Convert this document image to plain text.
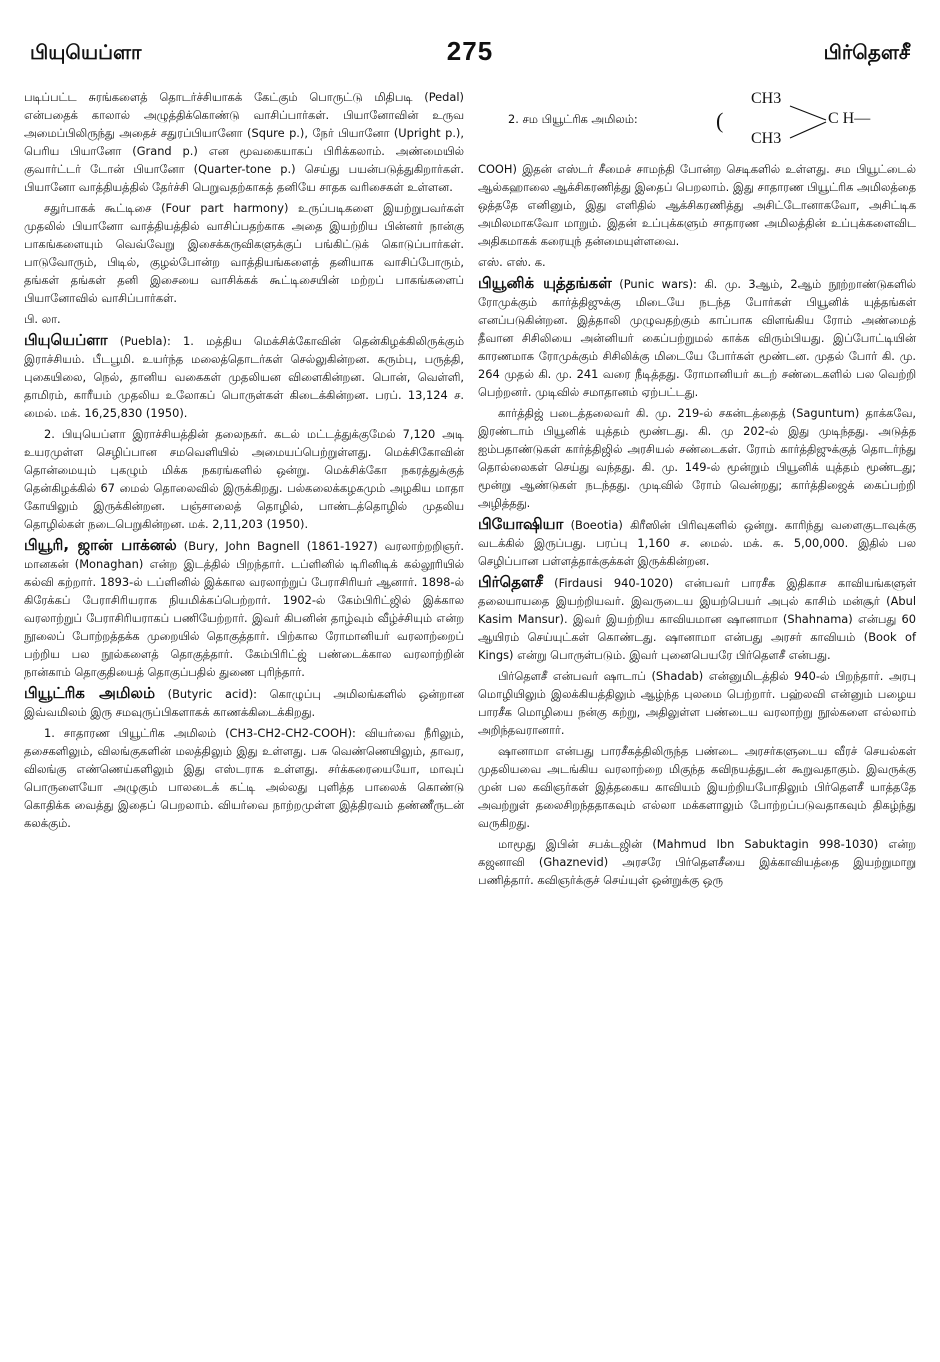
பியுயெப்ளா	275	பிர்தௌசீ

படிப்பட்ட சுரங்களைத் தொடர்ச்சியாகக் கேட்கும் பொருட்டு மிதிபடி (Pedal) என்பதைக் காலால் அழுத்திக்கொண்டு வாசிப்பார்கள். பியானோவின் உருவ அமைப்பிலிருந்து அதைச் சதுரப்பியானோ (Squre p.), நேர் பியானோ (Upright p.), பெரிய பியானோ (Grand p.) என மூவகையாகப் பிரிக்கலாம். அண்மையில் குவார்ட்டர் டோன் பியானோ (Quarter-tone p.) செய்து பயன்படுத்துகிறார்கள். பியானோ வாத்தியத்தில் தேர்ச்சி பெறுவதற்காகத் தனியே சாதக வரிசைகள் உள்ளன.

சதுர்பாகக் கூட்டிசை (Four part harmony) உருப்படிகளை இயற்றுபவர்கள் முதலில் பியானோ வாத்தியத்தில் வாசிப்பதற்காக அதை இயற்றிய பின்னர் நான்கு பாகங்களையும் வெவ்வேறு இசைக்கருவிகளுக்குப் பங்கிட்டுக் கொடுப்பார்கள். பாடுவோரும், பிடில், குழல்போன்ற வாத்தியங்களைத் தனியாக வாசிப்போரும், தங்கள் தங்கள் தனி இசையை வாசிக்கக் கூட்டிசையின் மற்றப் பாகங்களைப் பியானோவில் வாசிப்பார்கள்.

பி. லா.

பியுயெப்ளா (Puebla): 1. மத்திய மெக்சிக்கோவின் தென்கிழக்கிலிருக்கும் இராச்சியம். பீடபூமி. உயர்ந்த மலைத்தொடர்கள் செல்லுகின்றன. கரும்பு, பருத்தி, புகையிலை, நெல், தானிய வகைகள் முதலியன விளைகின்றன. பொன், வெள்ளி, தாமிரம், காரீயம் முதலிய உலோகப் பொருள்கள் கிடைக்கின்றன. பரப். 13,124 ச. மைல். மக். 16,25,830 (1950).

2. பியுயெப்ளா இராச்சியத்தின் தலைநகர். கடல் மட்டத்துக்குமேல் 7,120 அடி உயரமுள்ள செழிப்பான சமவெளியில் அமையப்பெற்றுள்ளது. மெக்சிகோவின் தொன்மையும் புகழும் மிக்க நகரங்களில் ஒன்று. மெக்சிக்கோ நகரத்துக்குத் தென்கிழக்கில் 67 மைல் தொலைவில் இருக்கிறது. பல்கலைக்கழகமும் அழகிய மாதா கோயிலும் இருக்கின்றன. பஞ்சாலைத் தொழில், பாண்டத்தொழில் முதலிய தொழில்கள் நடைபெறுகின்றன. மக். 2,11,203 (1950).

பியூரி, ஜான் பாக்னல் (Bury, John Bagnell (1861-1927) வரலாற்றறிஞர். மானகன் (Monaghan) என்ற இடத்தில் பிறந்தார். டப்ளினில் டிரினிடிக் கல்லூரியில் கல்வி கற்றார். 1893-ல் டப்ளினில் இக்கால வரலாற்றுப் பேராசிரியர் ஆனார். 1898-ல் கிரேக்கப் பேராசிரியராக நியமிக்கப்பெற்றார். 1902-ல் கேம்பிரிட்ஜில் இக்கால வரலாற்றுப் பேராசிரியராகப் பணியேற்றார். இவர் கிபனின் தாழ்வும் வீழ்ச்சியும் என்ற நூலைப் போற்றத்தக்க முறையில் தொகுத்தார். பிற்கால ரோமானியர் வரலாற்றைப் பற்றிய பல நூல்களைத் தொகுத்தார். கேம்பிரிட்ஜ் பண்டைக்கால வரலாற்றின் நான்காம் தொகுதியைத் தொகுப்பதில் துணை புரிந்தார்.

பியூட்ரிக அமிலம் (Butyric acid): கொழுப்பு அமிலங்களில் ஒன்றான இவ்வமிலம் இரு சமவுருப்பிகளாகக் காணக்கிடைக்கிறது.

1. சாதாரண பியூட்ரிக அமிலம் (CH3-CH2-CH2-COOH): வியர்வை நீரிலும், தசைகளிலும், விலங்குகளின் மலத்திலும் இது உள்ளது. பசு வெண்ணெயிலும், தாவர, விலங்கு எண்ணெய்களிலும் இது எஸ்டராக உள்ளது. சர்க்கரையையோ, மாவுப் பொருளையோ அழுகும் பாலடைக் கட்டி அல்லது புளித்த பாலைக் கொண்டு கொதிக்க வைத்து இதைப் பெறலாம். வியர்வை நாற்றமுள்ள இத்திரவம் தண்ணீருடன் கலக்கும்.

2. சம பியூட்ரிக அமிலம்:	(
CH3
CH3
C H—

COOH) இதன் எஸ்டர் சீமைச் சாமந்தி போன்ற செடிகளில் உள்ளது. சம பியூட்டைல் ஆல்கஹாலை ஆக்சிகரணித்து இதைப் பெறலாம். இது சாதாரண பியூட்ரிக அமிலத்தை ஒத்ததே எனினும், இது எளிதில் ஆக்சிகரணித்து அசிட்டோனாகவோ, அசிட்டிக அமிலமாகவோ மாறும். இதன் உப்புக்களும் சாதாரண அமிலத்தின் உப்புக்களைவிட அதிகமாகக் கரையுந் தன்மையுள்ளவை.

எஸ். எஸ். க.

பியூனிக் யுத்தங்கள் (Punic wars): கி. மு. 3ஆம், 2ஆம் நூற்றாண்டுகளில் ரோமுக்கும் கார்த்திஜுக்கு மிடையே நடந்த போர்கள் பியூனிக் யுத்தங்கள் எனப்படுகின்றன. இத்தாலி முழுவதற்கும் காப்பாக விளங்கிய ரோம் அண்மைத் தீவான சிசிலியை அன்னியர் கைப்பற்றுமல் காக்க விரும்பியது. இப்போட்டியின் காரணமாக ரோமுக்கும் சிசிலிக்கு மிடையே போர்கள் மூண்டன. முதல் போர் கி. மு. 264 முதல் கி. மு. 241 வரை நீடித்தது. ரோமானியர் கடற் சண்டைகளில் பல வெற்றி பெற்றனர். முடிவில் சமாதானம் ஏற்பட்டது.

கார்த்திஜ் படைத்தலைவர் கி. மு. 219-ல் சகன்டத்தைத் (Saguntum) தாக்கவே, இரண்டாம் பியூனிக் யுத்தம் மூண்டது. கி. மு 202-ல் இது முடிந்தது. அடுத்த ஐம்பதாண்டுகள் கார்த்திஜில் அரசியல் சண்டைகள். ரோம் கார்த்திஜுக்குத் தொடர்ந்து தொல்லைகள் செய்து வந்தது. கி. மு. 149-ல் மூன்றும் பியூனிக் யுத்தம் மூண்டது; மூன்று ஆண்டுகள் நடந்தது. முடிவில் ரோம் வென்றது; கார்த்திஜைக் கைப்பற்றி அழித்தது.

பியோஷியா (Boeotia) கிரீஸின் பிரிவுகளில் ஒன்று. காரிந்து வளைகுடாவுக்கு வடக்கில் இருப்பது. பரப்பு 1,160 ச. மைல். மக். சு. 5,00,000. இதில் பல செழிப்பான பள்ளத்தாக்குக்கள் இருக்கின்றன.

பிர்தௌசீ (Firdausi 940-1020) என்பவர் பாரசீக இதிகாச காவியங்களுள் தலையாயதை இயற்றியவர். இவருடைய இயற்பெயர் அபுல் காசிம் மன்சூர் (Abul Kasim Mansur). இவர் இயற்றிய காவியமான ஷானாமா (Shahnama) என்பது 60 ஆயிரம் செய்யுட்கள் கொண்டது. ஷானாமா என்பது அரசர் காவியம் (Book of Kings) என்று பொருள்படும். இவர் புனைபெயரே பிர்தௌசீ என்பது.

பிர்தௌசீ என்பவர் ஷாடாப் (Shadab) என்னுமிடத்தில் 940-ல் பிறந்தார். அரபு மொழியிலும் இலக்கியத்திலும் ஆழ்ந்த புலமை பெற்றார். பஹ்லவி என்னும் பழைய பாரசீக மொழியை நன்கு கற்று, அதிலுள்ள பண்டைய வரலாற்று நூல்களை எல்லாம் அறிந்தவரானார்.

ஷானாமா என்பது பாரசீகத்திலிருந்த பண்டை அரசர்களுடைய வீரச் செயல்கள் முதலியவை அடங்கிய வரலாற்றை மிகுந்த கவிநயத்துடன் கூறுவதாகும். இவருக்கு முன் பல கவிஞர்கள் இத்தகைய காவியம் இயற்றியபோதிலும் பிர்தௌசீ யாத்ததே அவற்றுள் தலைசிறந்ததாகவும் எல்லா மக்களாலும் போற்றப்படுவதாகவும் திகழ்ந்து வருகிறது.

மாமூது இபின் சபக்டஜின் (Mahmud Ibn Sabuktagin 998-1030) என்ற கஜனாவி (Ghaznevid) அரசரே பிர்தௌசீயை இக்காவியத்தை இயற்றுமாறு பணித்தார். கவிஞர்க்குச் செய்யுள் ஒன்றுக்கு ஒரு
